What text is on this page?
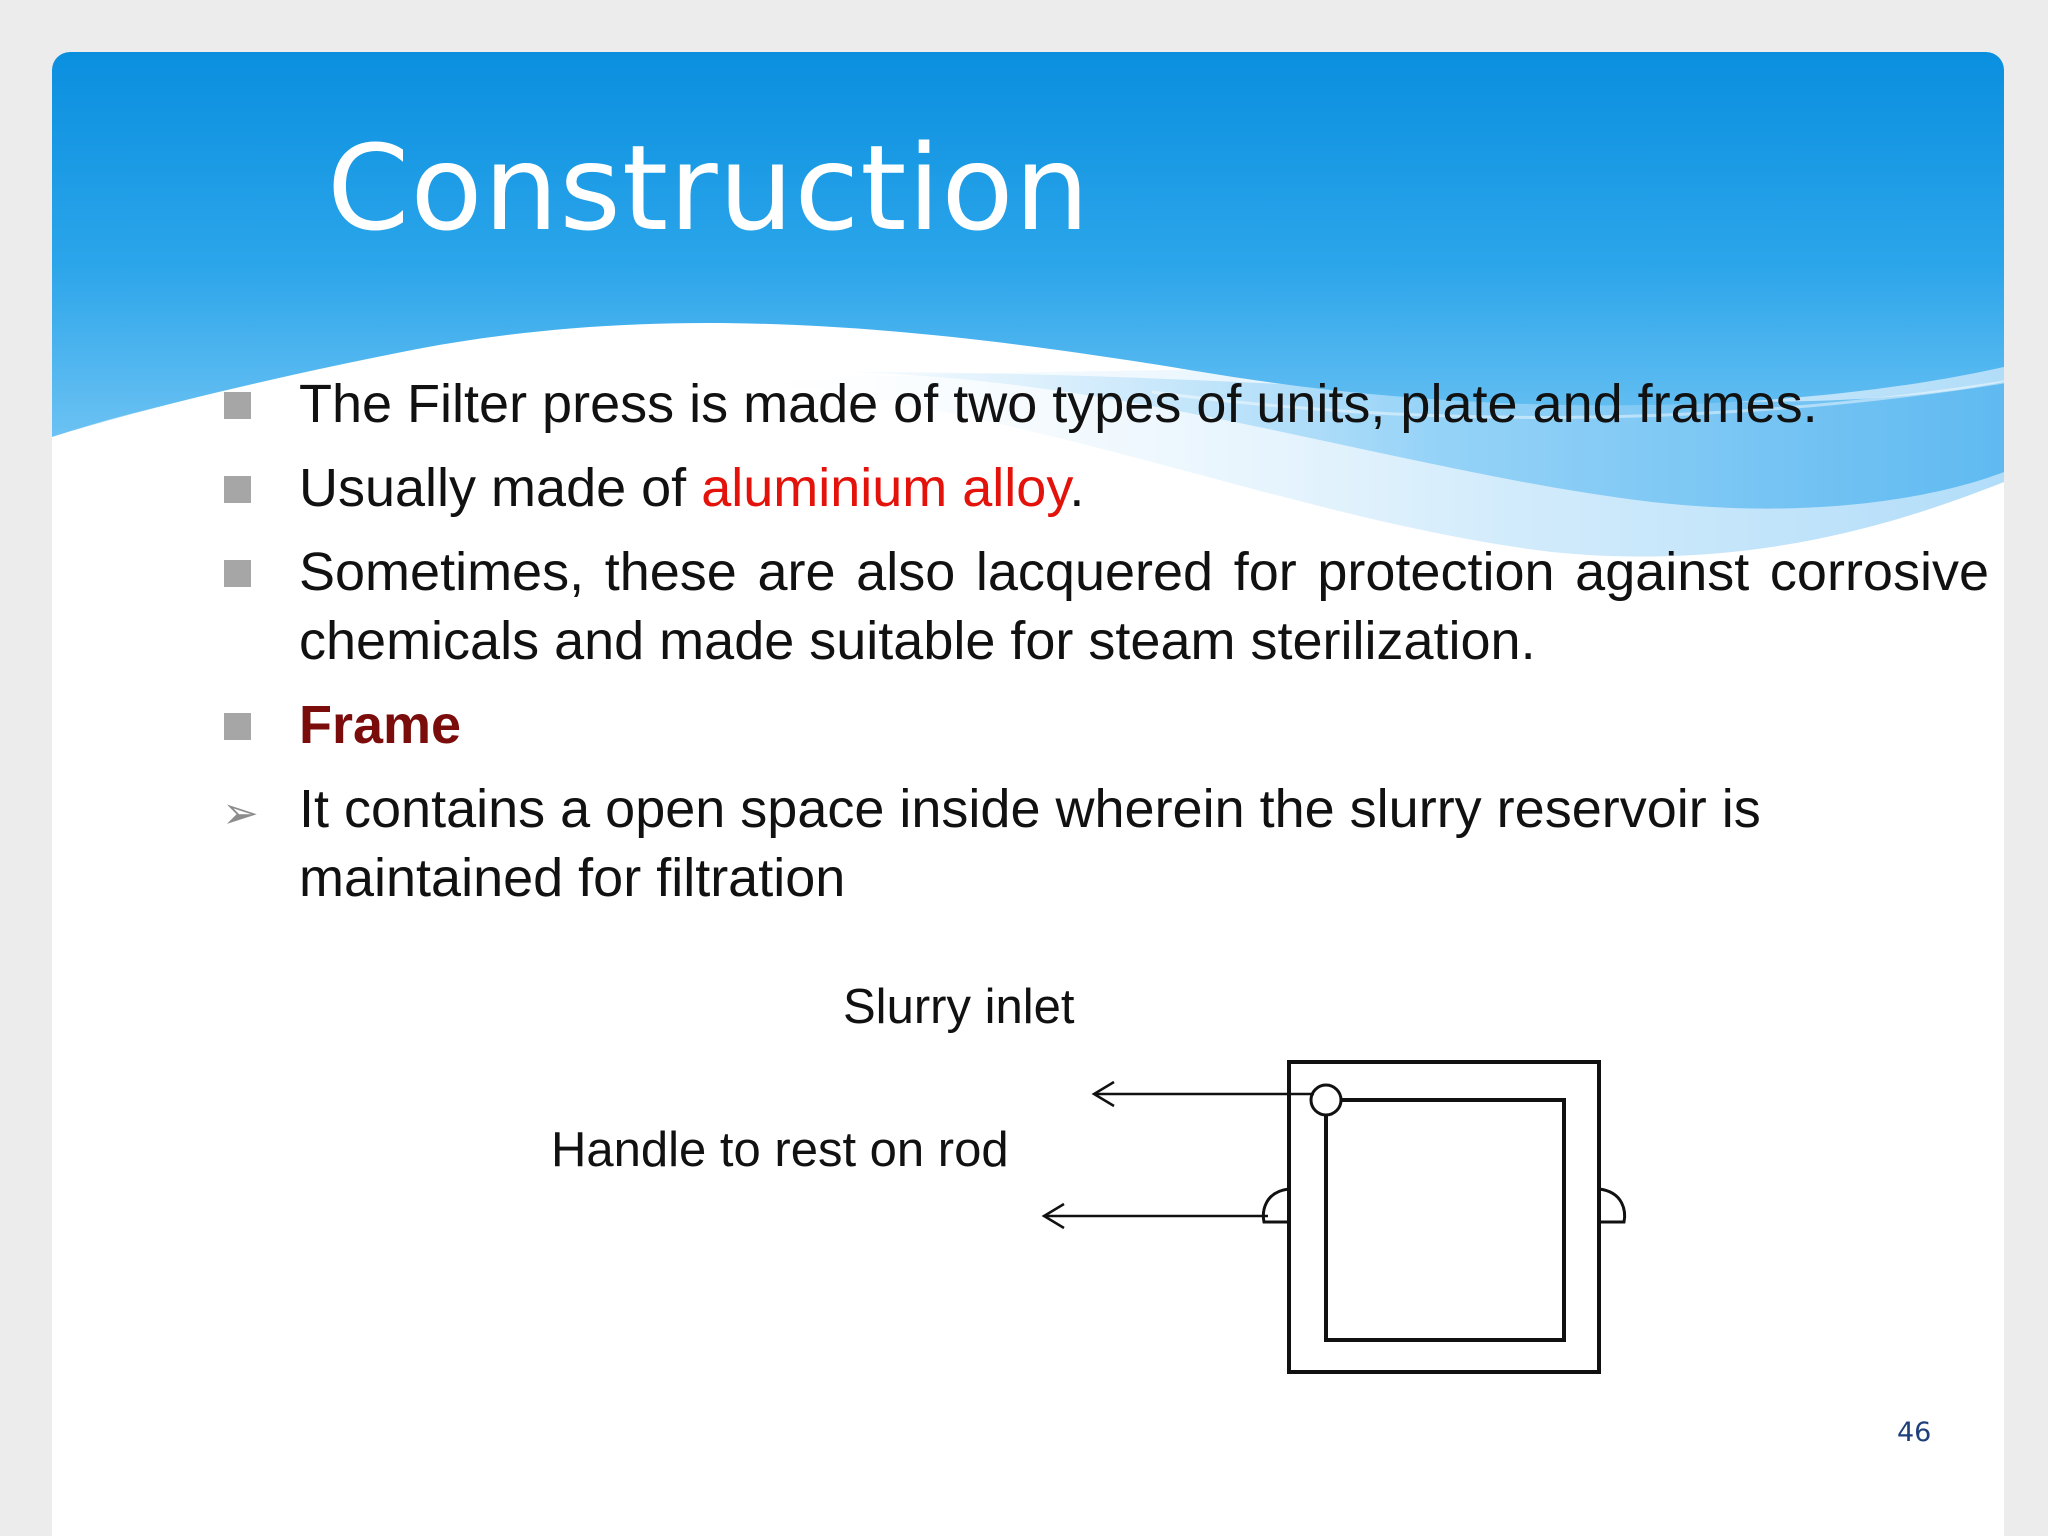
Construction
The Filter press is made of two types of units, plate and frames.
Usually made of aluminium alloy.
Sometimes, these are also lacquered for protection against corrosive chemicals and made suitable for steam sterilization.
Frame
➢ It contains a open space inside wherein the slurry reservoir is maintained for filtration
Slurry inlet
Handle to rest on rod
46
